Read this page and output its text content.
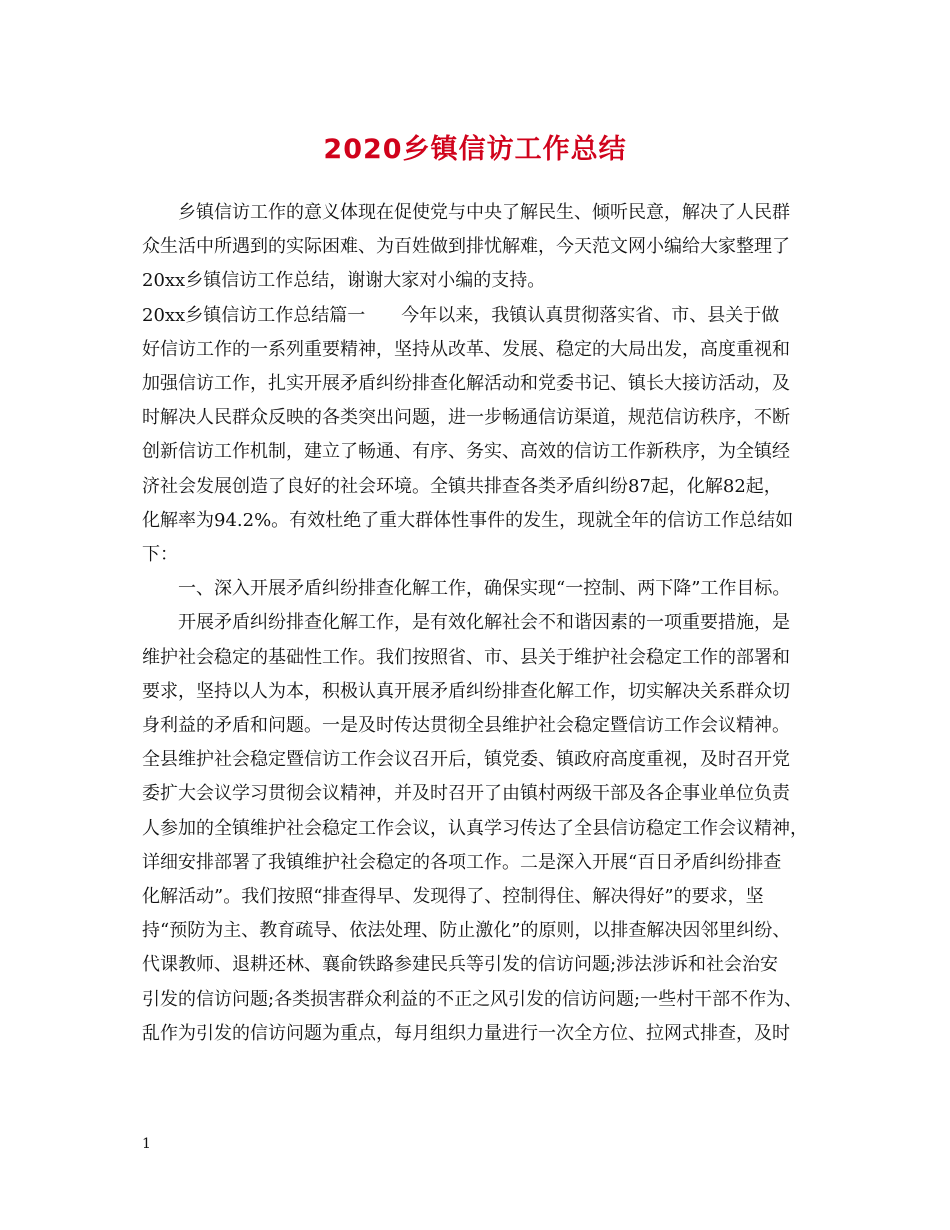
2020乡镇信访工作总结
　　乡镇信访工作的意义体现在促使党与中央了解民生、倾听民意，解决了人民群
众生活中所遇到的实际困难、为百姓做到排忧解难，今天范文网小编给大家整理了
20xx乡镇信访工作总结，谢谢大家对小编的支持。
20xx乡镇信访工作总结篇一　　今年以来，我镇认真贯彻落实省、市、县关于做
好信访工作的一系列重要精神，坚持从改革、发展、稳定的大局出发，高度重视和
加强信访工作，扎实开展矛盾纠纷排查化解活动和党委书记、镇长大接访活动，及
时解决人民群众反映的各类突出问题，进一步畅通信访渠道，规范信访秩序，不断
创新信访工作机制，建立了畅通、有序、务实、高效的信访工作新秩序，为全镇经
济社会发展创造了良好的社会环境。全镇共排查各类矛盾纠纷87起，化解82起，
化解率为94.2%。有效杜绝了重大群体性事件的发生，现就全年的信访工作总结如
下：
　　一、深入开展矛盾纠纷排查化解工作，确保实现“一控制、两下降”工作目标。
　　开展矛盾纠纷排查化解工作，是有效化解社会不和谐因素的一项重要措施，是
维护社会稳定的基础性工作。我们按照省、市、县关于维护社会稳定工作的部署和
要求，坚持以人为本，积极认真开展矛盾纠纷排查化解工作，切实解决关系群众切
身利益的矛盾和问题。一是及时传达贯彻全县维护社会稳定暨信访工作会议精神。
全县维护社会稳定暨信访工作会议召开后，镇党委、镇政府高度重视，及时召开党
委扩大会议学习贯彻会议精神，并及时召开了由镇村两级干部及各企事业单位负责
人参加的全镇维护社会稳定工作会议，认真学习传达了全县信访稳定工作会议精神，
详细安排部署了我镇维护社会稳定的各项工作。二是深入开展“百日矛盾纠纷排查
化解活动”。我们按照“排查得早、发现得了、控制得住、解决得好”的要求，坚
持“预防为主、教育疏导、依法处理、防止激化”的原则，以排查解决因邻里纠纷、
代课教师、退耕还林、襄俞铁路参建民兵等引发的信访问题;涉法涉诉和社会治安
引发的信访问题;各类损害群众利益的不正之风引发的信访问题;一些村干部不作为、
乱作为引发的信访问题为重点，每月组织力量进行一次全方位、拉网式排查，及时
1
